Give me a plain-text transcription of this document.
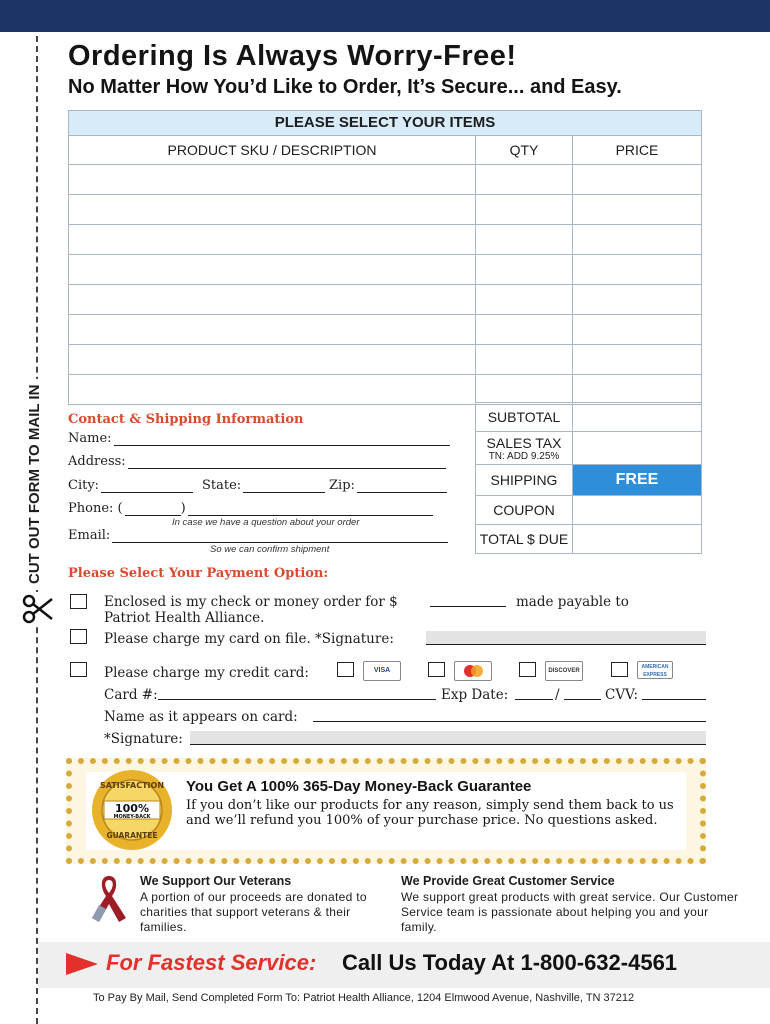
CUT OUT FORM TO MAIL IN
Ordering Is Always Worry-Free!
No Matter How You’d Like to Order, It’s Secure... and Easy.
PLEASE SELECT YOUR ITEMS
PRODUCT SKU / DESCRIPTION	QTY	PRICE
SUBTOTAL
SALES TAX
TN: ADD 9.25%
SHIPPING	FREE
COUPON
TOTAL $ DUE
Contact & Shipping Information
Name:
Address:
City:	State:	Zip:
Phone: (	)
In case we have a question about your order
Email:
So we can confirm shipment
Please Select Your Payment Option:
Enclosed is my check or money order for $	made payable to
Patriot Health Alliance.
Please charge my card on file. *Signature:
Please charge my credit card:	VISA	DISCOVER
AMERICAN EXPRESS
Card #:	Exp Date:	/	CVV:
Name as it appears on card:
*Signature:
SATISFACTION
100%
MONEY-BACK
GUARANTEE
You Get A 100% 365-Day Money-Back Guarantee
If you don’t like our products for any reason, simply send them back to us and we’ll refund you 100% of your purchase price. No questions asked.
We Support Our Veterans
A portion of our proceeds are donated to charities that support veterans & their families.
We Provide Great Customer Service
We support great products with great service. Our Customer Service team is passionate about helping you and your family.
For Fastest Service: Call Us Today At 1-800-632-4561
To Pay By Mail, Send Completed Form To: Patriot Health Alliance, 1204 Elmwood Avenue, Nashville, TN 37212
